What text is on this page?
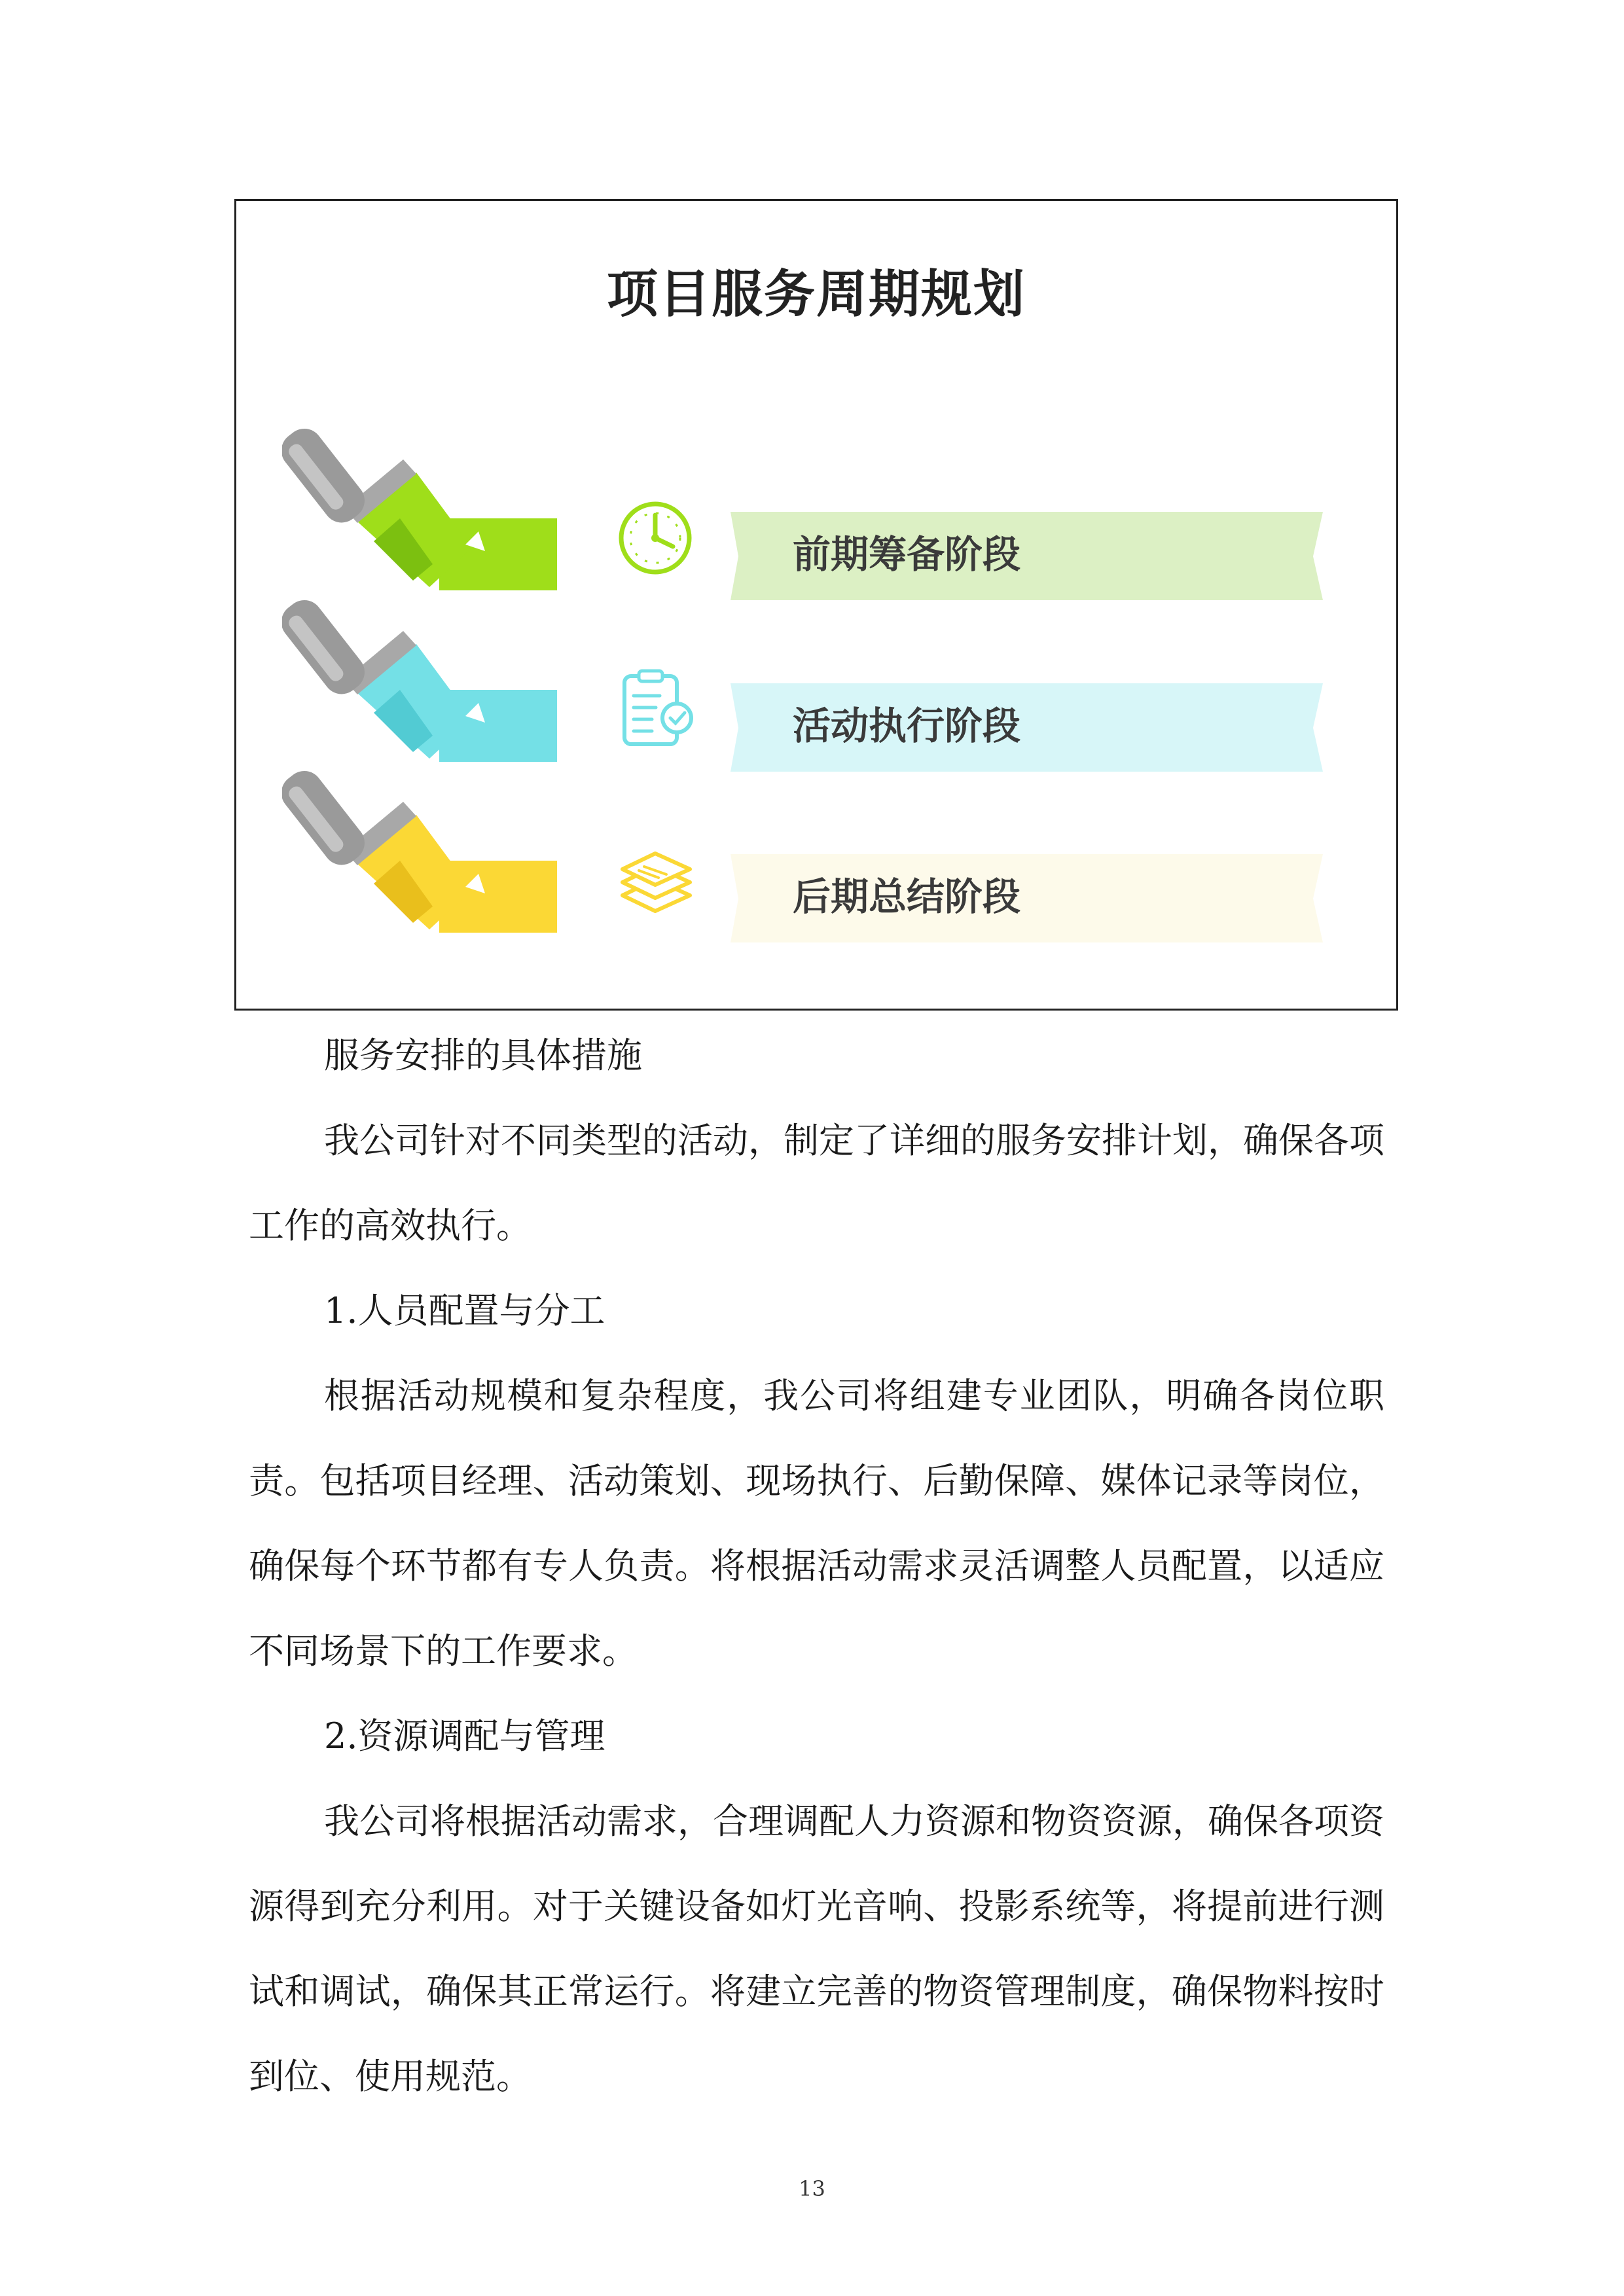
项目服务周期规划
前期筹备阶段
活动执行阶段
后期总结阶段

服务安排的具体措施

我公司针对不同类型的活动，制定了详细的服务安排计划，确保各项工作的高效执行。

1.人员配置与分工

根据活动规模和复杂程度，我公司将组建专业团队，明确各岗位职责。包括项目经理、活动策划、现场执行、后勤保障、媒体记录等岗位，确保每个环节都有专人负责。将根据活动需求灵活调整人员配置，以适应不同场景下的工作要求。

2.资源调配与管理

我公司将根据活动需求，合理调配人力资源和物资资源，确保各项资源得到充分利用。对于关键设备如灯光音响、投影系统等，将提前进行测试和调试，确保其正常运行。将建立完善的物资管理制度，确保物料按时到位、使用规范。

13
